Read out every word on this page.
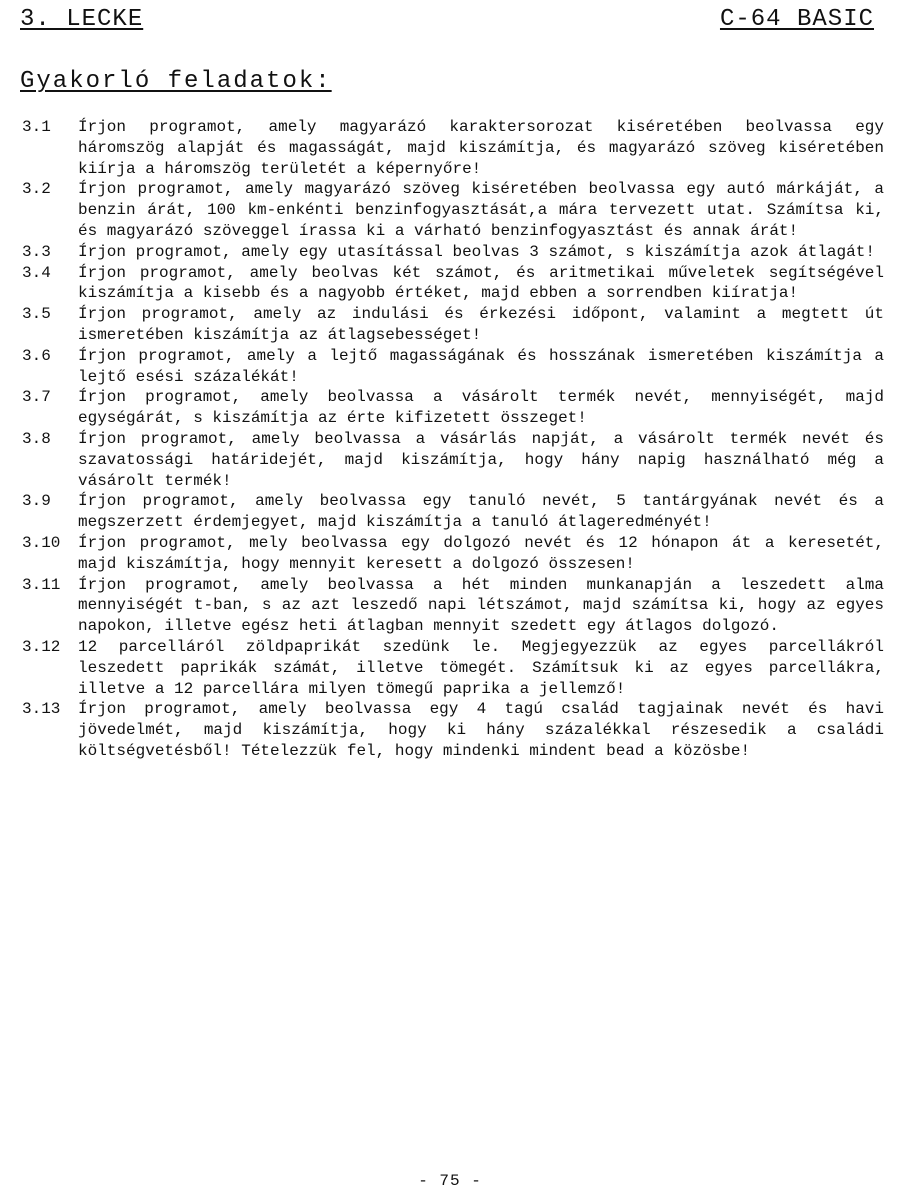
3. LECKE	C-64 BASIC
Gyakorló feladatok:
3.1	Írjon programot, amely magyarázó karaktersorozat kiséretében beolvassa egy háromszög alapját és magasságát, majd kiszámítja, és magyarázó szöveg kiséretében kiírja a háromszög területét a képernyőre!
3.2	Írjon programot, amely magyarázó szöveg kiséretében beolvassa egy autó márkáját, a benzin árát, 100 km-enkénti benzinfogyasztását,a mára tervezett utat. Számítsa ki, és magyarázó szöveggel írassa ki a várható benzinfogyasztást és annak árát!
3.3	Írjon programot, amely egy utasítással beolvas 3 számot, s kiszámítja azok átlagát!
3.4	Írjon programot, amely beolvas két számot, és aritmetikai műveletek segítségével kiszámítja a kisebb és a nagyobb értéket, majd ebben a sorrendben kiíratja!
3.5	Írjon programot, amely az indulási és érkezési időpont, valamint a megtett út ismeretében kiszámítja az átlagsebességet!
3.6	Írjon programot, amely a lejtő magasságának és hosszának ismeretében kiszámítja a lejtő esési százalékát!
3.7	Írjon programot, amely beolvassa a vásárolt termék nevét, mennyiségét, majd egységárát, s kiszámítja az érte kifizetett összeget!
3.8	Írjon programot, amely beolvassa a vásárlás napját, a vásárolt termék nevét és szavatossági határidejét, majd kiszámítja, hogy hány napig használható még a vásárolt termék!
3.9	Írjon programot, amely beolvassa egy tanuló nevét, 5 tantárgyának nevét és a megszerzett érdemjegyet, majd kiszámítja a tanuló átlageredményét!
3.10	Írjon programot, mely beolvassa egy dolgozó nevét és 12 hónapon át a keresetét, majd kiszámítja, hogy mennyit keresett a dolgozó összesen!
3.11	Írjon programot, amely beolvassa a hét minden munkanapján a leszedett alma mennyiségét t-ban, s az azt leszedő napi létszámot, majd számítsa ki, hogy az egyes napokon, illetve egész heti átlagban mennyit szedett egy átlagos dolgozó.
3.12	12 parcelláról zöldpaprikát szedünk le. Megjegyezzük az egyes parcellákról leszedett paprikák számát, illetve tömegét. Számítsuk ki az egyes parcellákra, illetve a 12 parcellára milyen tömegű paprika a jellemző!
3.13	Írjon programot, amely beolvassa egy 4 tagú család tagjainak nevét és havi jövedelmét, majd kiszámítja, hogy ki hány százalékkal részesedik a családi költségvetésből! Tételezzük fel, hogy mindenki mindent bead a közösbe!
- 75 -
